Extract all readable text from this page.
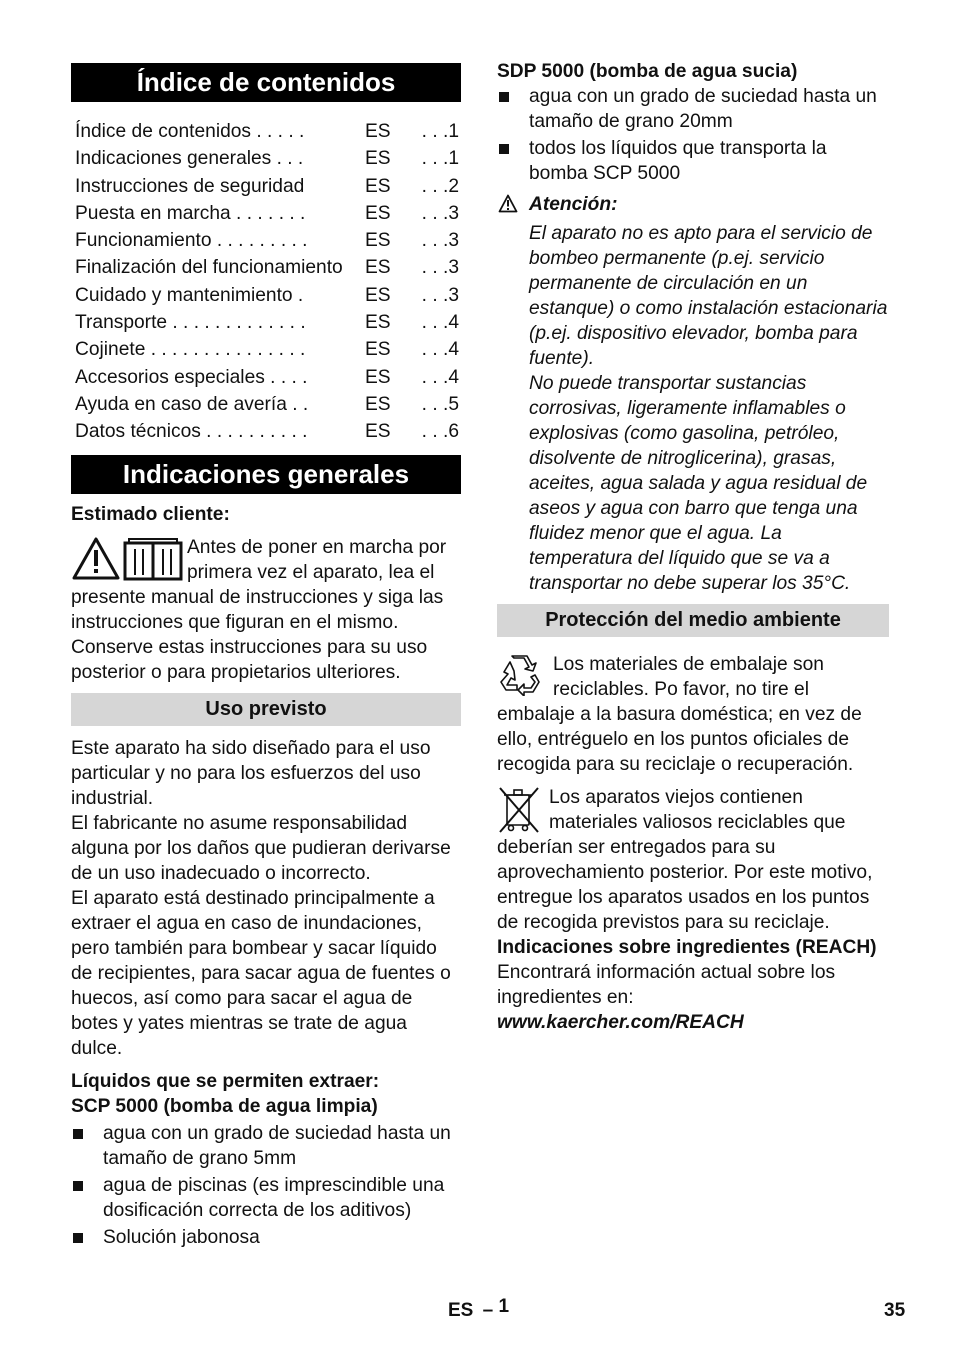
Índice de contenidos
Índice de contenidos . . . . .	ES	. . .1
Indicaciones generales . . .	ES	. . .1
Instrucciones de seguridad	ES	. . .2
Puesta en marcha . . . . . . .	ES	. . .3
Funcionamiento . . . . . . . . .	ES	. . .3
Finalización del funcionamiento	ES	. . .3
Cuidado y mantenimiento .	ES	. . .3
Transporte . . . . . . . . . . . . .	ES	. . .4
Cojinete . . . . . . . . . . . . . . .	ES	. . .4
Accesorios especiales . . . .	ES	. . .4
Ayuda en caso de avería . .	ES	. . .5
Datos técnicos . . . . . . . . . .	ES	. . .6
Indicaciones generales

Estimado cliente:

Antes de poner en marcha por primera vez el aparato, lea el presente manual de instrucciones y siga las instrucciones que figuran en el mismo. Conserve estas instrucciones para su uso posterior o para propietarios ulteriores.

Uso previsto

Este aparato ha sido diseñado para el uso particular y no para los esfuerzos del uso industrial.

El fabricante no asume responsabilidad alguna por los daños que pudieran derivarse de un uso inadecuado o incorrecto.

El aparato está destinado principalmente a extraer el agua en caso de inundaciones, pero también para bombear y sacar líquido de recipientes, para sacar agua de fuentes o huecos, así como para sacar el agua de botes y yates mientras se trate de agua dulce.

Líquidos que se permiten extraer:

SCP 5000 (bomba de agua limpia)

agua con un grado de suciedad hasta un tamaño de grano 5mm

agua de piscinas (es imprescindible una dosificación correcta de los aditivos)

Solución jabonosa

SDP 5000 (bomba de agua sucia)

agua con un grado de suciedad hasta un tamaño de grano 20mm

todos los líquidos que transporta la bomba SCP 5000

Atención:

El aparato no es apto para el servicio de bombeo permanente (p.ej. servicio permanente de circulación en un estanque) o como instalación estacionaria (p.ej. dispositivo elevador, bomba para fuente).

No puede transportar sustancias corrosivas, ligeramente inflamables o explosivas (como gasolina, petróleo, disolvente de nitroglicerina), grasas, aceites, agua salada y agua residual de aseos y agua con barro que tenga una fluidez menor que el agua. La temperatura del líquido que se va a transportar no debe superar los 35°C.

Protección del medio ambiente

Los materiales de embalaje son reciclables. Po favor, no tire el embalaje a la basura doméstica; en vez de ello, entréguelo en los puntos oficiales de recogida para su reciclaje o recuperación.

Los aparatos viejos contienen materiales valiosos reciclables que deberían ser entregados para su aprovechamiento posterior. Por este motivo, entregue los aparatos usados en los puntos de recogida previstos para su reciclaje.

Indicaciones sobre ingredientes (REACH)

Encontrará información actual sobre los ingredientes en:

www.kaercher.com/REACH

ES – 1	35
